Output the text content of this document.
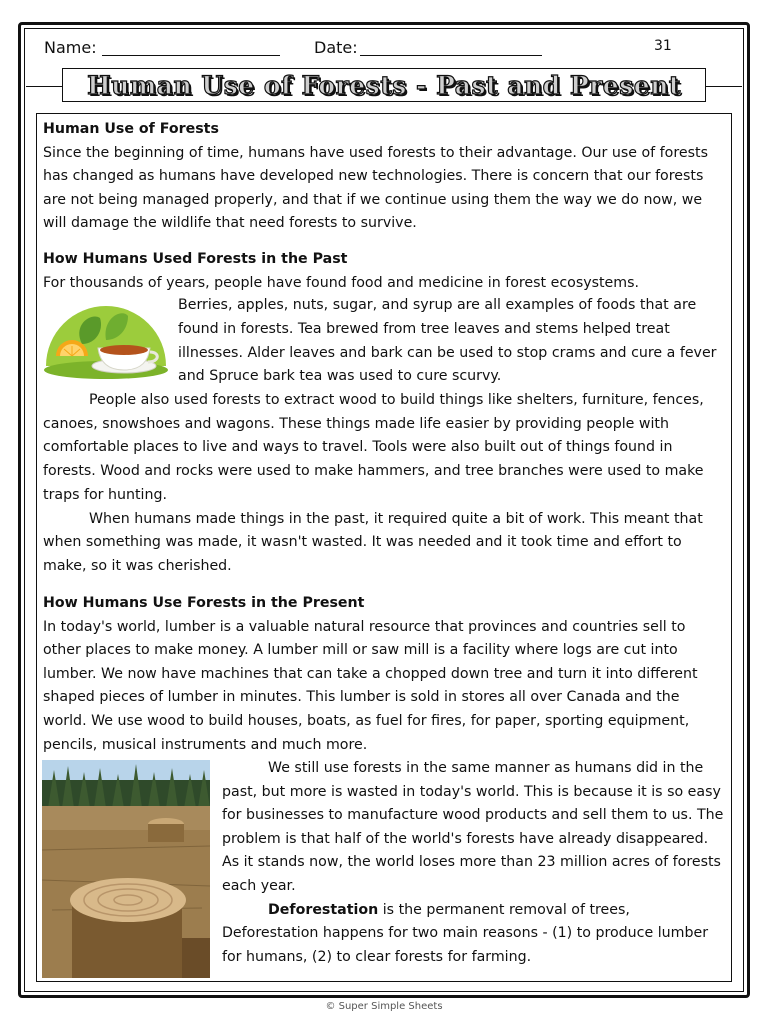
Name:	Date:	31
Human Use of Forests - Past and Present

Human Use of Forests

Since the beginning of time, humans have used forests to their advantage. Our use of forests has changed as humans have developed new technologies. There is concern that our forests are not being managed properly, and that if we continue using them the way we do now, we will damage the wildlife that need forests to survive.

How Humans Used Forests in the Past

For thousands of years, people have found food and medicine in forest ecosystems.

Berries, apples, nuts, sugar, and syrup are all examples of foods that are found in forests. Tea brewed from tree leaves and stems helped treat illnesses. Alder leaves and bark can be used to stop crams and cure a fever and Spruce bark tea was used to cure scurvy.

People also used forests to extract wood to build things like shelters, furniture, fences, canoes, snowshoes and wagons. These things made life easier by providing people with comfortable places to live and ways to travel. Tools were also built out of things found in forests. Wood and rocks were used to make hammers, and tree branches were used to make traps for hunting.

When humans made things in the past, it required quite a bit of work. This meant that when something was made, it wasn't wasted. It was needed and it took time and effort to make, so it was cherished.

How Humans Use Forests in the Present

In today's world, lumber is a valuable natural resource that provinces and countries sell to other places to make money. A lumber mill or saw mill is a facility where logs are cut into lumber. We now have machines that can take a chopped down tree and turn it into different shaped pieces of lumber in minutes. This lumber is sold in stores all over Canada and the world. We use wood to build houses, boats, as fuel for fires, for paper, sporting equipment, pencils, musical instruments and much more.

We still use forests in the same manner as humans did in the past, but more is wasted in today's world. This is because it is so easy for businesses to manufacture wood products and sell them to us. The problem is that half of the world's forests have already disappeared. As it stands now, the world loses more than 23 million acres of forests each year.

Deforestation is the permanent removal of trees, Deforestation happens for two main reasons - (1) to produce lumber for humans, (2) to clear forests for farming.

© Super Simple Sheets
